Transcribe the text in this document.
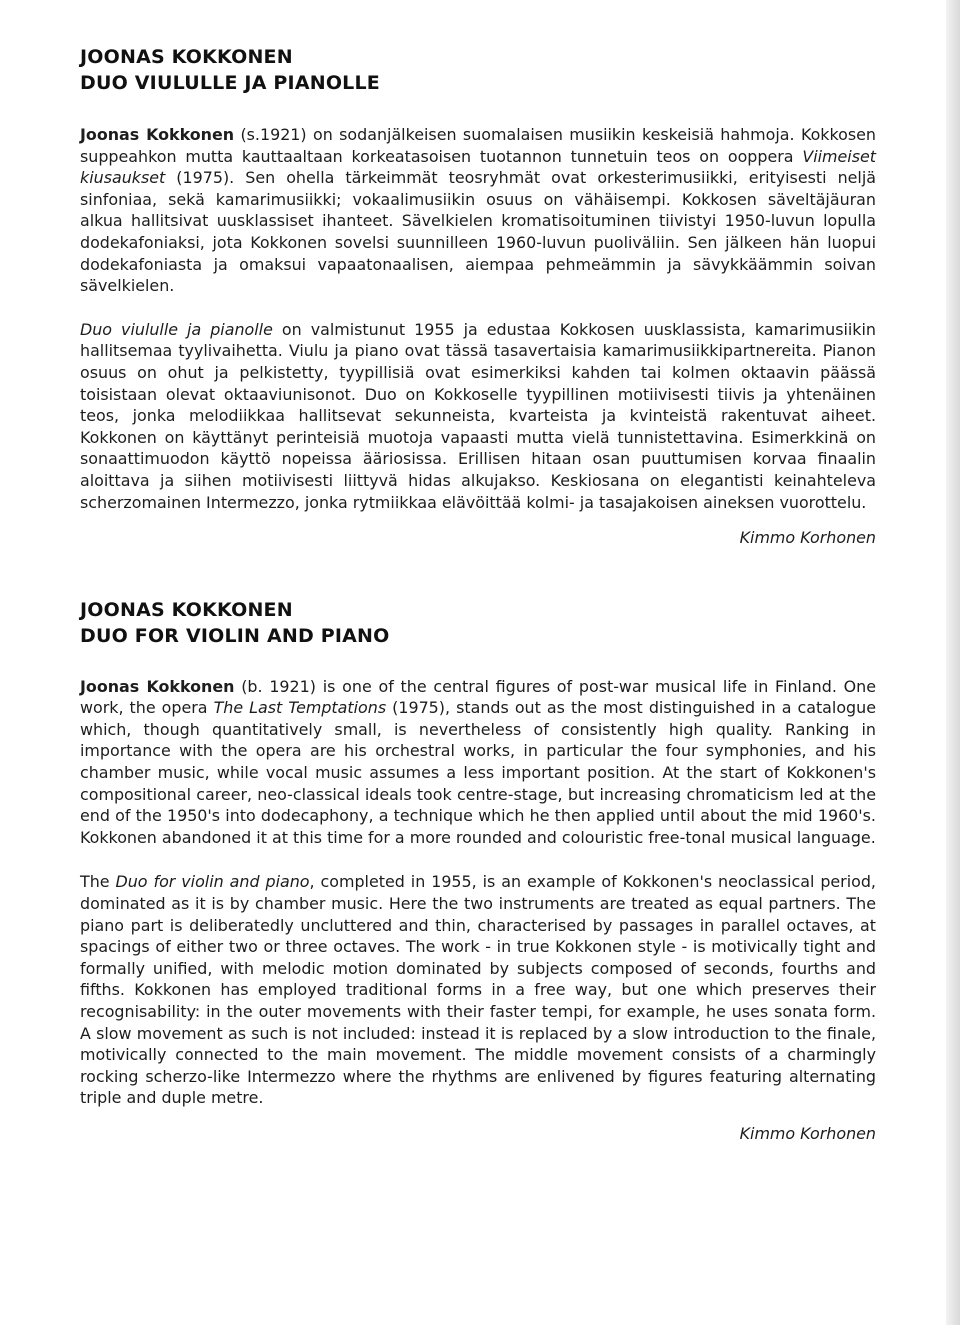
JOONAS KOKKONEN
DUO VIULULLE JA PIANOLLE

Joonas Kokkonen (s.1921) on sodanjälkeisen suomalaisen musiikin keskeisiä hahmoja. Kokkosen suppeahkon mutta kauttaaltaan korkeatasoisen tuotannon tunnetuin teos on ooppera Viimeiset kiusaukset (1975). Sen ohella tärkeimmät teosryhmät ovat orkesterimusiikki, erityisesti neljä sinfoniaa, sekä kamarimusiikki; vokaalimusiikin osuus on vähäisempi. Kokkosen säveltäjäuran alkua hallitsivat uusklassiset ihanteet. Sävelkielen kromatisoituminen tiivistyi 1950-luvun lopulla dodekafoniaksi, jota Kokkonen sovelsi suunnilleen 1960-luvun puoliväliin. Sen jälkeen hän luopui dodekafoniasta ja omaksui vapaatonaalisen, aiempaa pehmeämmin ja sävykkäämmin soivan sävelkielen.

Duo viululle ja pianolle on valmistunut 1955 ja edustaa Kokkosen uusklassista, kamarimusiikin hallitsemaa tyylivaihetta. Viulu ja piano ovat tässä tasavertaisia kamarimusiikkipartnereita. Pianon osuus on ohut ja pelkistetty, tyypillisiä ovat esimerkiksi kahden tai kolmen oktaavin päässä toisistaan olevat oktaaviunisonot. Duo on Kokkoselle tyypillinen motiivisesti tiivis ja yhtenäinen teos, jonka melodiikkaa hallitsevat sekunneista, kvarteista ja kvinteistä rakentuvat aiheet. Kokkonen on käyttänyt perinteisiä muotoja vapaasti mutta vielä tunnistettavina. Esimerkkinä on sonaattimuodon käyttö nopeissa ääriosissa. Erillisen hitaan osan puuttumisen korvaa finaalin aloittava ja siihen motiivisesti liittyvä hidas alkujakso. Keskiosana on elegantisti keinahteleva scherzomainen Intermezzo, jonka rytmiikkaa elävöittää kolmi- ja tasajakoisen aineksen vuorottelu.

Kimmo Korhonen
JOONAS KOKKONEN
DUO FOR VIOLIN AND PIANO

Joonas Kokkonen (b. 1921) is one of the central figures of post-war musical life in Finland. One work, the opera The Last Temptations (1975), stands out as the most distinguished in a catalogue which, though quantitatively small, is nevertheless of consistently high quality. Ranking in importance with the opera are his orchestral works, in particular the four symphonies, and his chamber music, while vocal music assumes a less important position. At the start of Kokkonen's compositional career, neo-classical ideals took centre-stage, but increasing chromaticism led at the end of the 1950's into dodecaphony, a technique which he then applied until about the mid 1960's. Kokkonen abandoned it at this time for a more rounded and colouristic free-tonal musical language.

The Duo for violin and piano, completed in 1955, is an example of Kokkonen's neoclassical period, dominated as it is by chamber music. Here the two instruments are treated as equal partners. The piano part is deliberatedly uncluttered and thin, characterised by passages in parallel octaves, at spacings of either two or three octaves. The work - in true Kokkonen style - is motivically tight and formally unified, with melodic motion dominated by subjects composed of seconds, fourths and fifths. Kokkonen has employed traditional forms in a free way, but one which preserves their recognisability: in the outer movements with their faster tempi, for example, he uses sonata form. A slow movement as such is not included: instead it is replaced by a slow introduction to the finale, motivically connected to the main movement. The middle movement consists of a charmingly rocking scherzo-like Intermezzo where the rhythms are enlivened by figures featuring alternating triple and duple metre.

Kimmo Korhonen
